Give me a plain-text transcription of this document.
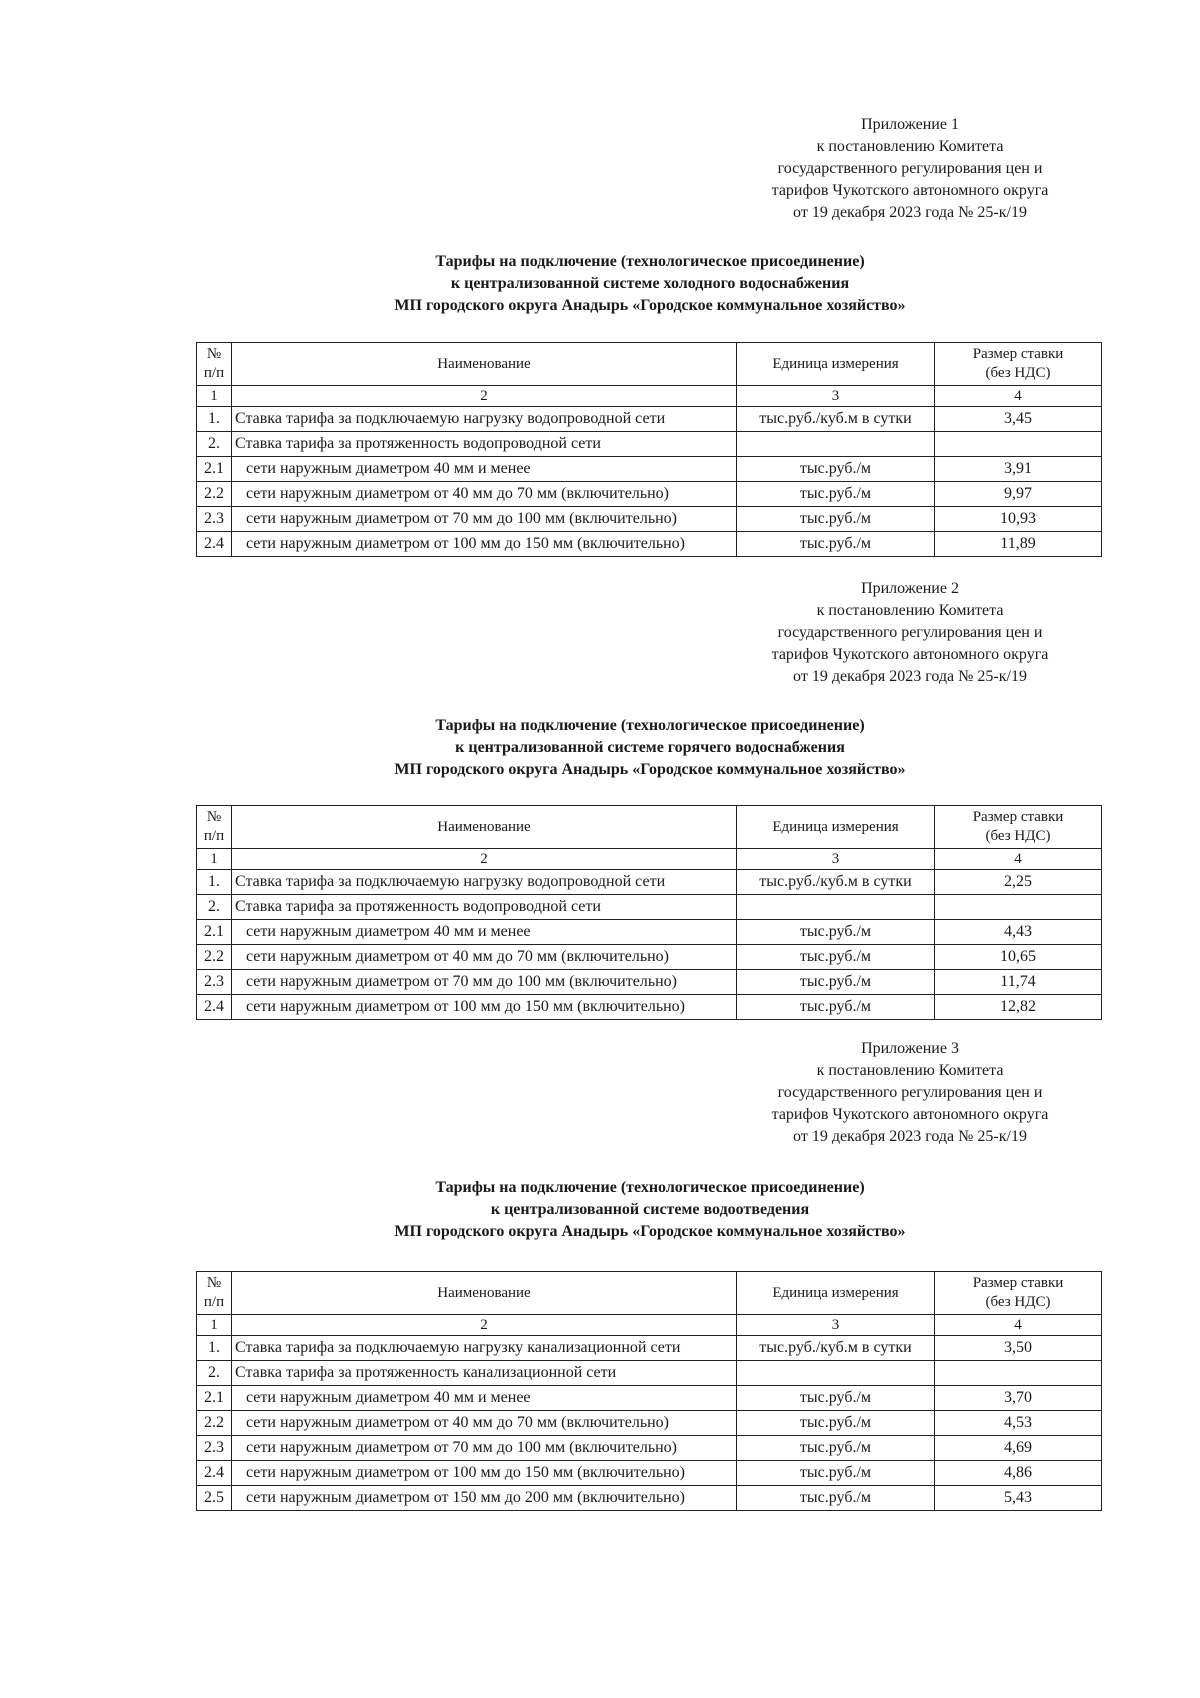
Приложение 1
к постановлению Комитета
государственного регулирования цен и
тарифов Чукотского автономного округа
от 19 декабря 2023 года № 25-к/19
Тарифы на подключение (технологическое присоединение)
к централизованной системе холодного водоснабжения
МП городского округа Анадырь «Городское коммунальное хозяйство»
№
п/п	Наименование	Единица измерения	Размер ставки
(без НДС)
1	2	3	4
1.	Ставка тарифа за подключаемую нагрузку водопроводной сети	тыс.руб./куб.м в сутки	3,45
2.	Ставка тарифа за протяженность водопроводной сети		
2.1	сети наружным диаметром 40 мм и менее	тыс.руб./м	3,91
2.2	сети наружным диаметром от 40 мм до 70 мм (включительно)	тыс.руб./м	9,97
2.3	сети наружным диаметром от 70 мм до 100 мм (включительно)	тыс.руб./м	10,93
2.4	сети наружным диаметром от 100 мм до 150 мм (включительно)	тыс.руб./м	11,89
Приложение 2
к постановлению Комитета
государственного регулирования цен и
тарифов Чукотского автономного округа
от 19 декабря 2023 года № 25-к/19
Тарифы на подключение (технологическое присоединение)
к централизованной системе горячего водоснабжения
МП городского округа Анадырь «Городское коммунальное хозяйство»
№
п/п	Наименование	Единица измерения	Размер ставки
(без НДС)
1	2	3	4
1.	Ставка тарифа за подключаемую нагрузку водопроводной сети	тыс.руб./куб.м в сутки	2,25
2.	Ставка тарифа за протяженность водопроводной сети		
2.1	сети наружным диаметром 40 мм и менее	тыс.руб./м	4,43
2.2	сети наружным диаметром от 40 мм до 70 мм (включительно)	тыс.руб./м	10,65
2.3	сети наружным диаметром от 70 мм до 100 мм (включительно)	тыс.руб./м	11,74
2.4	сети наружным диаметром от 100 мм до 150 мм (включительно)	тыс.руб./м	12,82
Приложение 3
к постановлению Комитета
государственного регулирования цен и
тарифов Чукотского автономного округа
от 19 декабря 2023 года № 25-к/19
Тарифы на подключение (технологическое присоединение)
к централизованной системе водоотведения
МП городского округа Анадырь «Городское коммунальное хозяйство»
№
п/п	Наименование	Единица измерения	Размер ставки
(без НДС)
1	2	3	4
1.	Ставка тарифа за подключаемую нагрузку канализационной сети	тыс.руб./куб.м в сутки	3,50
2.	Ставка тарифа за протяженность канализационной сети		
2.1	сети наружным диаметром 40 мм и менее	тыс.руб./м	3,70
2.2	сети наружным диаметром от 40 мм до 70 мм (включительно)	тыс.руб./м	4,53
2.3	сети наружным диаметром от 70 мм до 100 мм (включительно)	тыс.руб./м	4,69
2.4	сети наружным диаметром от 100 мм до 150 мм (включительно)	тыс.руб./м	4,86
2.5	сети наружным диаметром от 150 мм до 200 мм (включительно)	тыс.руб./м	5,43
